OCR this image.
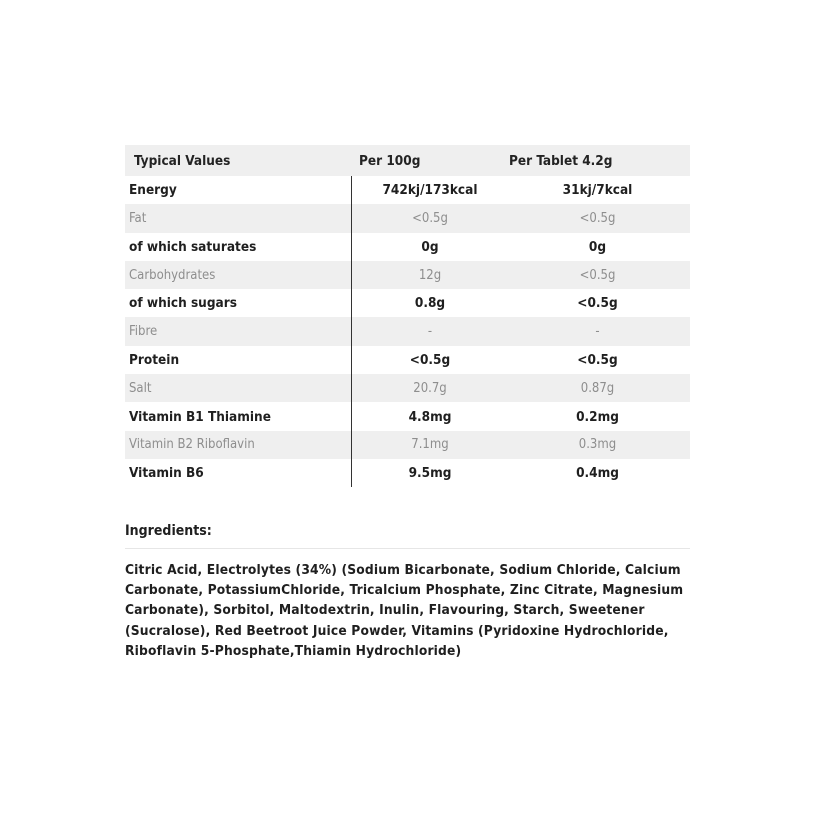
Typical Values	Per 100g	Per Tablet 4.2g
Energy	742kj/173kcal	31kj/7kcal
Fat	<0.5g	<0.5g
of which saturates	0g	0g
Carbohydrates	12g	<0.5g
of which sugars	0.8g	<0.5g
Fibre	-	-
Protein	<0.5g	<0.5g
Salt	20.7g	0.87g
Vitamin B1 Thiamine	4.8mg	0.2mg
Vitamin B2 Riboflavin	7.1mg	0.3mg
Vitamin B6	9.5mg	0.4mg
Ingredients:
Citric Acid, Electrolytes (34%) (Sodium Bicarbonate, Sodium Chloride, Calcium Carbonate, PotassiumChloride, Tricalcium Phosphate, Zinc Citrate, Magnesium Carbonate), Sorbitol, Maltodextrin, Inulin, Flavouring, Starch, Sweetener (Sucralose), Red Beetroot Juice Powder, Vitamins (Pyridoxine Hydrochloride, Riboflavin 5-Phosphate,Thiamin Hydrochloride)
